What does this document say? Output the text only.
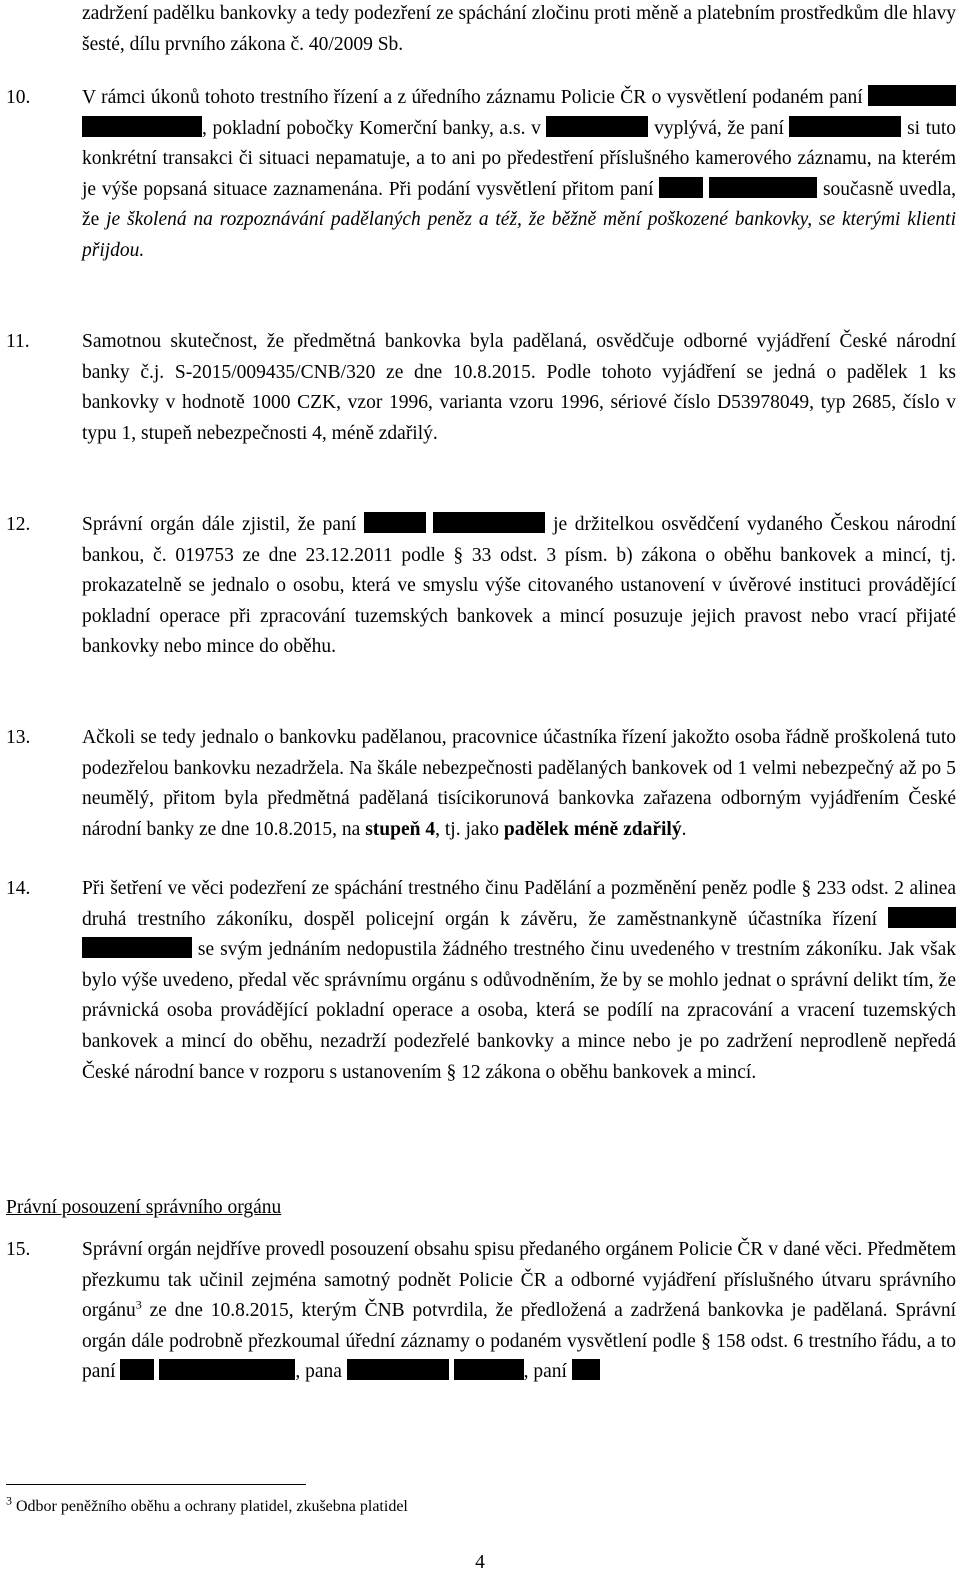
zadržení padělku bankovky a tedy podezření ze spáchání zločinu proti měně a platebním prostředkům dle hlavy šesté, dílu prvního zákona č. 40/2009 Sb.

10.	V rámci úkonů tohoto trestního řízení a z úředního záznamu Policie ČR o vysvětlení podaném paní  , pokladní pobočky Komerční banky, a.s. v	vyplývá, že paní	si tuto konkrétní transakci či situaci nepamatuje, a to ani po předestření příslušného kamerového záznamu, na kterém je výše popsaná situace zaznamenána. Při podání vysvětlení přitom paní	současně uvedla, že je školená na rozpoznávání padělaných peněz a též, že běžně mění poškozené bankovky, se kterými klienti přijdou.

11.	Samotnou skutečnost, že předmětná bankovka byla padělaná, osvědčuje odborné vyjádření České národní banky č.j. S-2015/009435/CNB/320 ze dne 10.8.2015. Podle tohoto vyjádření se jedná o padělek 1 ks bankovky v hodnotě 1000 CZK, vzor 1996, varianta vzoru 1996, sériové číslo D53978049, typ 2685, číslo v typu 1, stupeň nebezpečnosti 4, méně zdařilý.

12.	Správní orgán dále zjistil, že paní	je držitelkou osvědčení vydaného Českou národní bankou, č. 019753 ze dne 23.12.2011 podle § 33 odst. 3 písm. b) zákona o oběhu bankovek a mincí, tj. prokazatelně se jednalo o osobu, která ve smyslu výše citovaného ustanovení v úvěrové instituci provádějící pokladní operace při zpracování tuzemských bankovek a mincí posuzuje jejich pravost nebo vrací přijaté bankovky nebo mince do oběhu.

13.	Ačkoli se tedy jednalo o bankovku padělanou, pracovnice účastníka řízení jakožto osoba řádně proškolená tuto podezřelou bankovku nezadržela. Na škále nebezpečnosti padělaných bankovek od 1 velmi nebezpečný až po 5 neumělý, přitom byla předmětná padělaná tisícikorunová bankovka zařazena odborným vyjádřením České národní banky ze dne 10.8.2015, na stupeň 4, tj. jako padělek méně zdařilý.

14.	Při šetření ve věci podezření ze spáchání trestného činu Padělání a pozměnění peněz podle § 233 odst. 2 alinea druhá trestního zákoníku, dospěl policejní orgán k závěru, že zaměstnankyně účastníka řízení   se svým jednáním nedopustila žádného trestného činu uvedeného v trestním zákoníku. Jak však bylo výše uvedeno, předal věc správnímu orgánu s odůvodněním, že by se mohlo jednat o správní delikt tím, že právnická osoba provádějící pokladní operace a osoba, která se podílí na zpracování a vracení tuzemských bankovek a mincí do oběhu, nezadrží podezřelé bankovky a mince nebo je po zadržení neprodleně nepředá České národní bance v rozporu s ustanovením § 12 zákona o oběhu bankovek a mincí.

Právní posouzení správního orgánu

15.	Správní orgán nejdříve provedl posouzení obsahu spisu předaného orgánem Policie ČR v dané věci. Předmětem přezkumu tak učinil zejména samotný podnět Policie ČR a odborné vyjádření příslušného útvaru správního orgánu$^3$ ze dne 10.8.2015, kterým ČNB potvrdila, že předložená a zadržená bankovka je padělaná. Správní orgán dále podrobně přezkoumal úřední záznamy o podaném vysvětlení podle § 158 odst. 6 trestního řádu, a to paní	, pana	, paní

$^3$ Odbor peněžního oběhu a ochrany platidel, zkušebna platidel

4
